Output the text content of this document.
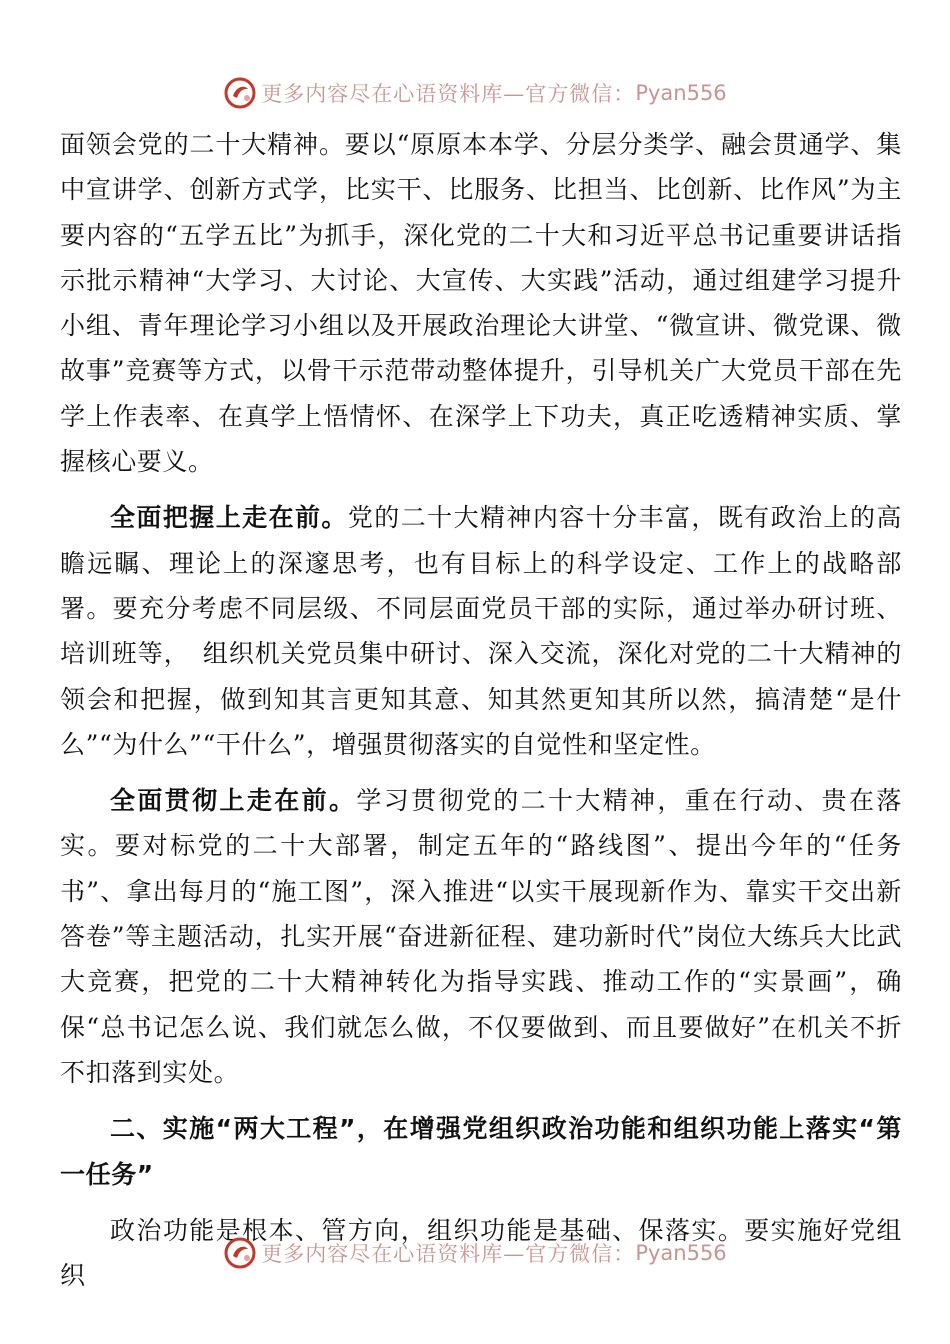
更多内容尽在心语资料库—官方微信： Pyan556

面领会党的二十大精神。要以“原原本本学、分层分类学、融会贯通学、集中宣讲学、创新方式学，比实干、比服务、比担当、比创新、比作风”为主要内容的“五学五比”为抓手，深化党的二十大和习近平总书记重要讲话指示批示精神“大学习、大讨论、大宣传、大实践”活动，通过组建学习提升小组、青年理论学习小组以及开展政治理论大讲堂、“微宣讲、微党课、微故事”竞赛等方式，以骨干示范带动整体提升，引导机关广大党员干部在先　学上作表率、在真学上悟情怀、在深学上下功夫，真正吃透精神实质、掌握核心要义。

全面把握上走在前。党的二十大精神内容十分丰富，既有政治上的高瞻远瞩、理论上的深邃思考，也有目标上的科学设定、工作上的战略部署。要充分考虑不同层级、不同层面党员干部的实际，通过举办研讨班、培训班等，　组织机关党员集中研讨、深入交流，深化对党的二十大精神的领会和把握，做到知其言更知其意、知其然更知其所以然，搞清楚“是什么”“为什么”“干什么”，增强贯彻落实的自觉性和坚定性。

全面贯彻上走在前。学习贯彻党的二十大精神，重在行动、贵在落实。要对标党的二十大部署，制定五年的“路线图”、提出今年的“任务书”、拿出每月的“施工图”，深入推进“以实干展现新作为、靠实干交出新答卷”等主题活动，扎实开展“奋进新征程、建功新时代”岗位大练兵大比武大竞赛，把党的二十大精神转化为指导实践、推动工作的“实景画”，确保“总书记怎么说、我们就怎么做，不仅要做到、而且要做好”在机关不折不扣落到实处。

二、实施“两大工程”，在增强党组织政治功能和组织功能上落实“第一任务”

政治功能是根本、管方向，组织功能是基础、保落实。要实施好党组织

更多内容尽在心语资料库—官方微信： Pyan556
